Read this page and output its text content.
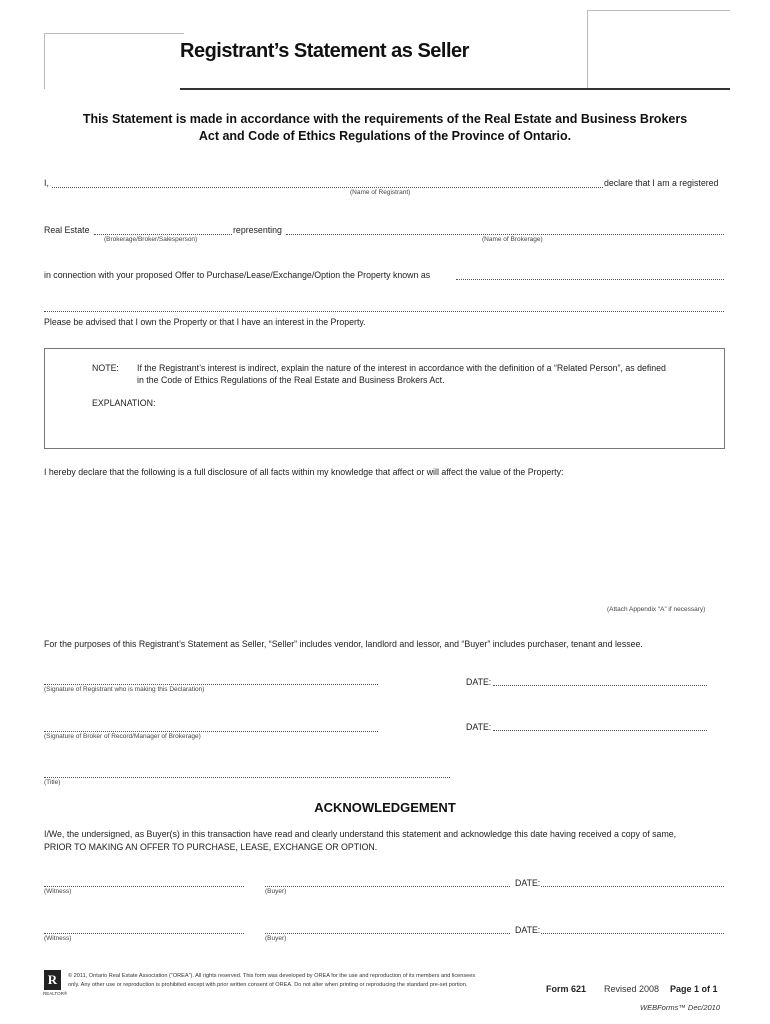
Registrant’s Statement as Seller
This Statement is made in accordance with the requirements of the Real Estate and Business Brokers
Act and Code of Ethics Regulations of the Province of Ontario.
I,	declare that I am a registered
(Name of Registrant)
Real Estate	representing
(Brokerage/Broker/Salesperson)	(Name of Brokerage)
in connection with your proposed Offer to Purchase/Lease/Exchange/Option the Property known as
Please be advised that I own the Property or that I have an interest in the Property.
NOTE: If the Registrant’s interest is indirect, explain the nature of the interest in accordance with the definition of a “Related Person”, as defined
in the Code of Ethics Regulations of the Real Estate and Business Brokers Act.
EXPLANATION:
I hereby declare that the following is a full disclosure of all facts within my knowledge that affect or will affect the value of the Property:
(Attach Appendix “A” if necessary)
For the purposes of this Registrant’s Statement as Seller, “Seller” includes vendor, landlord and lessor, and “Buyer” includes purchaser, tenant and lessee.
(Signature of Registrant who is making this Declaration)
DATE:
(Signature of Broker of Record/Manager of Brokerage)
DATE:
(Title)
ACKNOWLEDGEMENT
I/We, the undersigned, as Buyer(s) in this transaction have read and clearly understand this statement and acknowledge this date having received a copy of same,
PRIOR TO MAKING AN OFFER TO PURCHASE, LEASE, EXCHANGE OR OPTION.
(Witness)	(Buyer)
DATE:
(Witness)	(Buyer)
DATE:
R
REALTOR®
© 2011, Ontario Real Estate Association (“OREA”). All rights reserved. This form was developed by OREA for the use and reproduction of its members and licensees
only. Any other use or reproduction is prohibited except with prior written consent of OREA. Do not alter when printing or reproducing the standard pre-set portion.	Form 621 Revised 2008 Page 1 of 1
WEBForms™ Dec/2010
